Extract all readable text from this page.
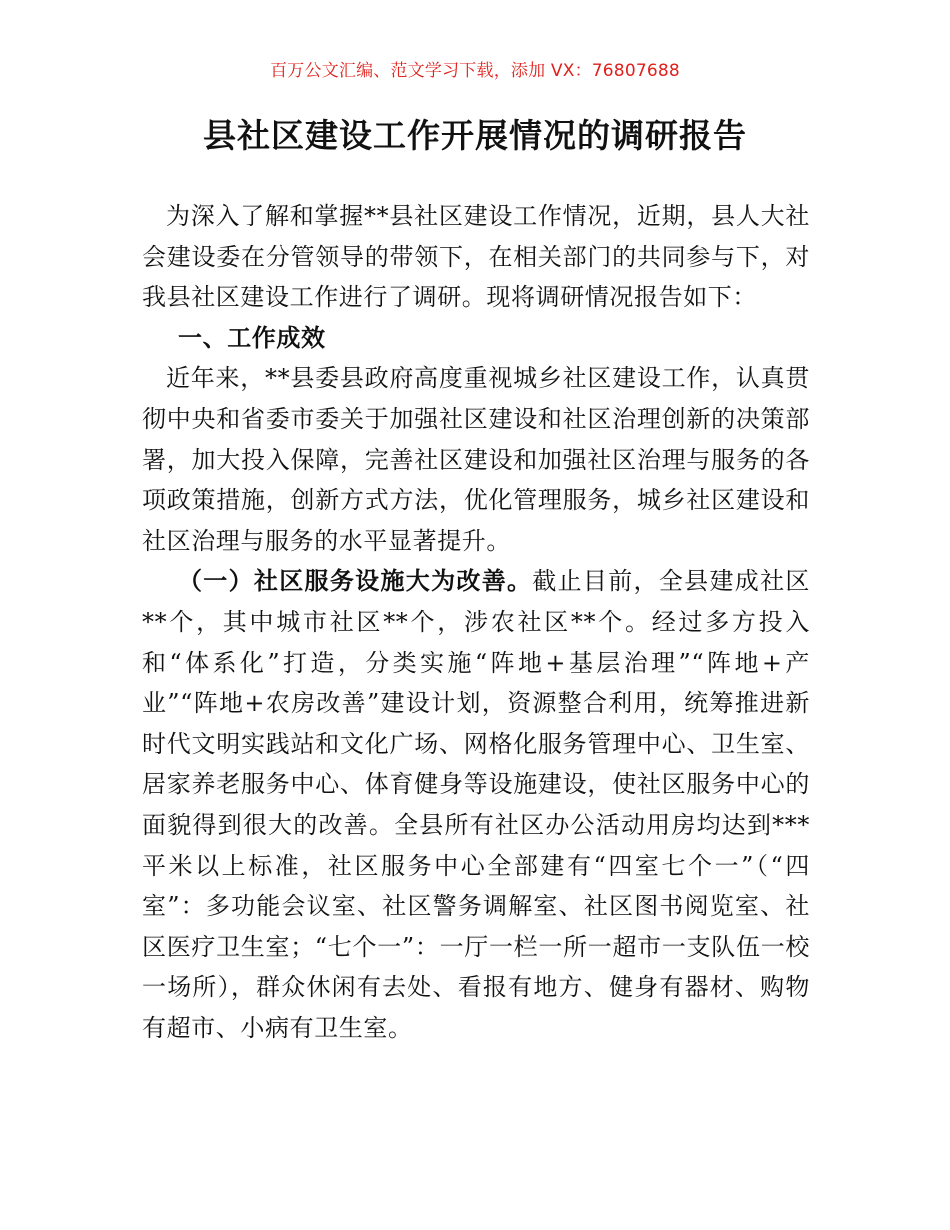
百万公文汇编、范文学习下载，添加 VX：76807688
县社区建设工作开展情况的调研报告

为深入了解和掌握**县社区建设工作情况，近期，县人大社会建设委在分管领导的带领下，在相关部门的共同参与下，对我县社区建设工作进行了调研。现将调研情况报告如下：

一、工作成效

近年来，**县委县政府高度重视城乡社区建设工作，认真贯彻中央和省委市委关于加强社区建设和社区治理创新的决策部署，加大投入保障，完善社区建设和加强社区治理与服务的各项政策措施，创新方式方法，优化管理服务，城乡社区建设和社区治理与服务的水平显著提升。

（一）社区服务设施大为改善。截止目前，全县建成社区**个，其中城市社区**个，涉农社区**个。经过多方投入和“体系化”打造，分类实施“阵地+基层治理”“阵地+产业”“阵地+农房改善”建设计划，资源整合利用，统筹推进新时代文明实践站和文化广场、网格化服务管理中心、卫生室、居家养老服务中心、体育健身等设施建设，使社区服务中心的面貌得到很大的改善。全县所有社区办公活动用房均达到***平米以上标准，社区服务中心全部建有“四室七个一”（“四室”：多功能会议室、社区警务调解室、社区图书阅览室、社区医疗卫生室；“七个一”：一厅一栏一所一超市一支队伍一校一场所），群众休闲有去处、看报有地方、健身有器材、购物有超市、小病有卫生室。
